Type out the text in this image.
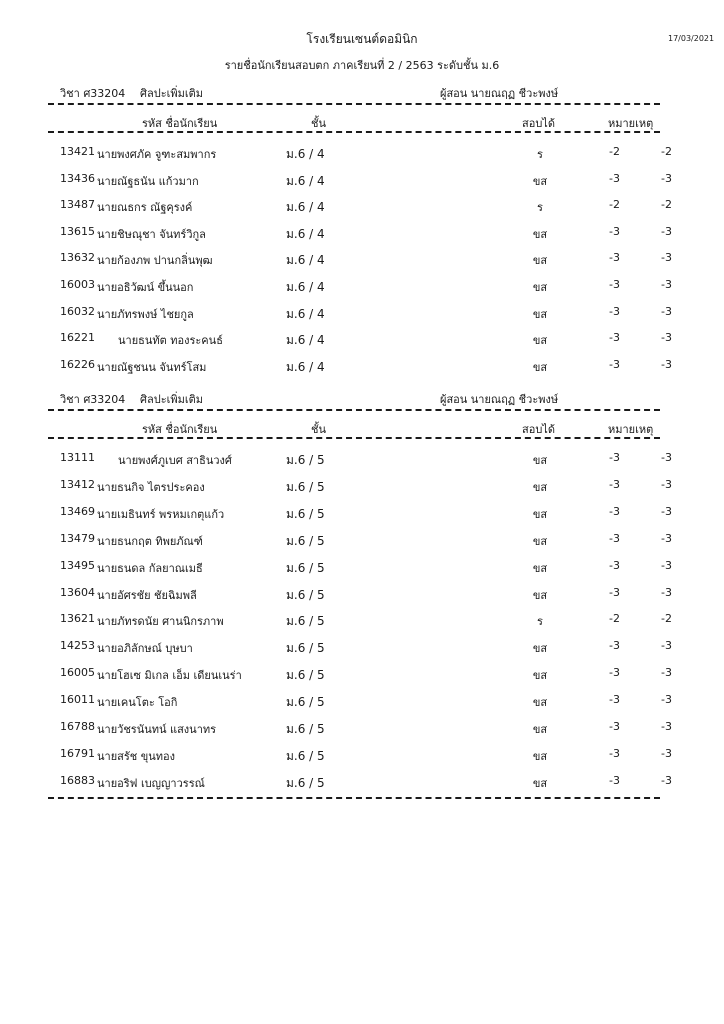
โรงเรียนเซนต์ดอมินิก	17/03/2021
รายชื่อนักเรียนสอบตก ภาคเรียนที่ 2 / 2563 ระดับชั้น ม.6
วิชา ศ33204 ศิลปะเพิ่มเติม	ผู้สอน นายณฤฏ ชีวะพงษ์
รหัส ชื่อนักเรียน	ชั้น	สอบได้	หมายเหตุ
13421 นายพงศภัค จูฑะสมพากร	ม.6 / 4	ร	-2	-2
13436 นายณัฐธนัน แก้วมาก	ม.6 / 4	ขส	-3	-3
13487 นายณธกร ณัฐคุรงค์	ม.6 / 4	ร	-2	-2
13615 นายชิษณุชา จันทร์วิกูล	ม.6 / 4	ขส	-3	-3
13632 นายก้องภพ ปานกลิ่นพุฒ	ม.6 / 4	ขส	-3	-3
16003 นายอธิวัฒน์ ขึ้นนอก	ม.6 / 4	ขส	-3	-3
16032 นายภัทรพงษ์ ไชยกูล	ม.6 / 4	ขส	-3	-3
16221 นายธนทัต ทองระคนธ์	ม.6 / 4	ขส	-3	-3
16226 นายณัฐชนน จันทร์โสม	ม.6 / 4	ขส	-3	-3
วิชา ศ33204 ศิลปะเพิ่มเติม	ผู้สอน นายณฤฏ ชีวะพงษ์
รหัส ชื่อนักเรียน	ชั้น	สอบได้	หมายเหตุ
13111 นายพงศ์ภูเบศ สาธินวงศ์	ม.6 / 5	ขส	-3	-3
13412 นายธนกิจ ไตรประคอง	ม.6 / 5	ขส	-3	-3
13469 นายเมธินทร์ พรหมเกตุแก้ว	ม.6 / 5	ขส	-3	-3
13479 นายธนกฤต ทิพยภัณฑ์	ม.6 / 5	ขส	-3	-3
13495 นายธนดล กัลยาณเมธี	ม.6 / 5	ขส	-3	-3
13604 นายอัศรชัย ชัยฉิมพลี	ม.6 / 5	ขส	-3	-3
13621 นายภัทรดนัย ศานนิกรภาพ	ม.6 / 5	ร	-2	-2
14253 นายอภิลักษณ์ บุษบา	ม.6 / 5	ขส	-3	-3
16005 นายโฮเซ มิเกล เอ็ม เดียนเนร่า	ม.6 / 5	ขส	-3	-3
16011 นายเคนโตะ โอกิ	ม.6 / 5	ขส	-3	-3
16788 นายวัชรนันทน์ แสงนาทร	ม.6 / 5	ขส	-3	-3
16791 นายสรัช ขุนทอง	ม.6 / 5	ขส	-3	-3
16883 นายอริฟ เบญญาวรรณ์	ม.6 / 5	ขส	-3	-3
